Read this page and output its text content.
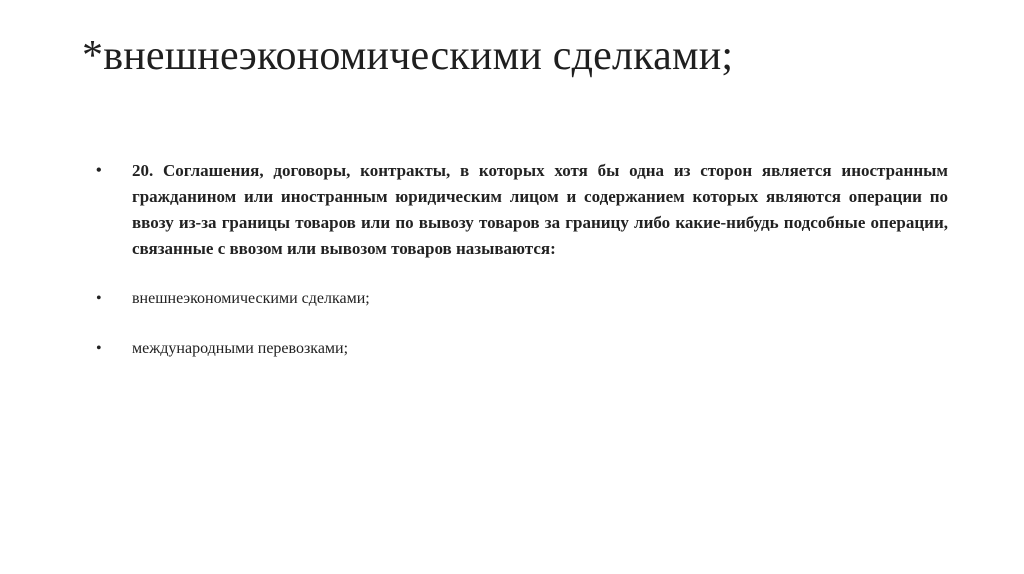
*внешнеэкономическими сделками;
• 20. Соглашения, договоры, контракты, в которых хотя бы одна из сторон является иностранным гражданином или иностранным юридическим лицом и содержанием которых являются операции по ввозу из-за границы товаров или по вывозу товаров за границу либо какие-нибудь подсобные операции, связанные с ввозом или вывозом товаров называются:
• внешнеэкономическими сделками;
• международными перевозками;
